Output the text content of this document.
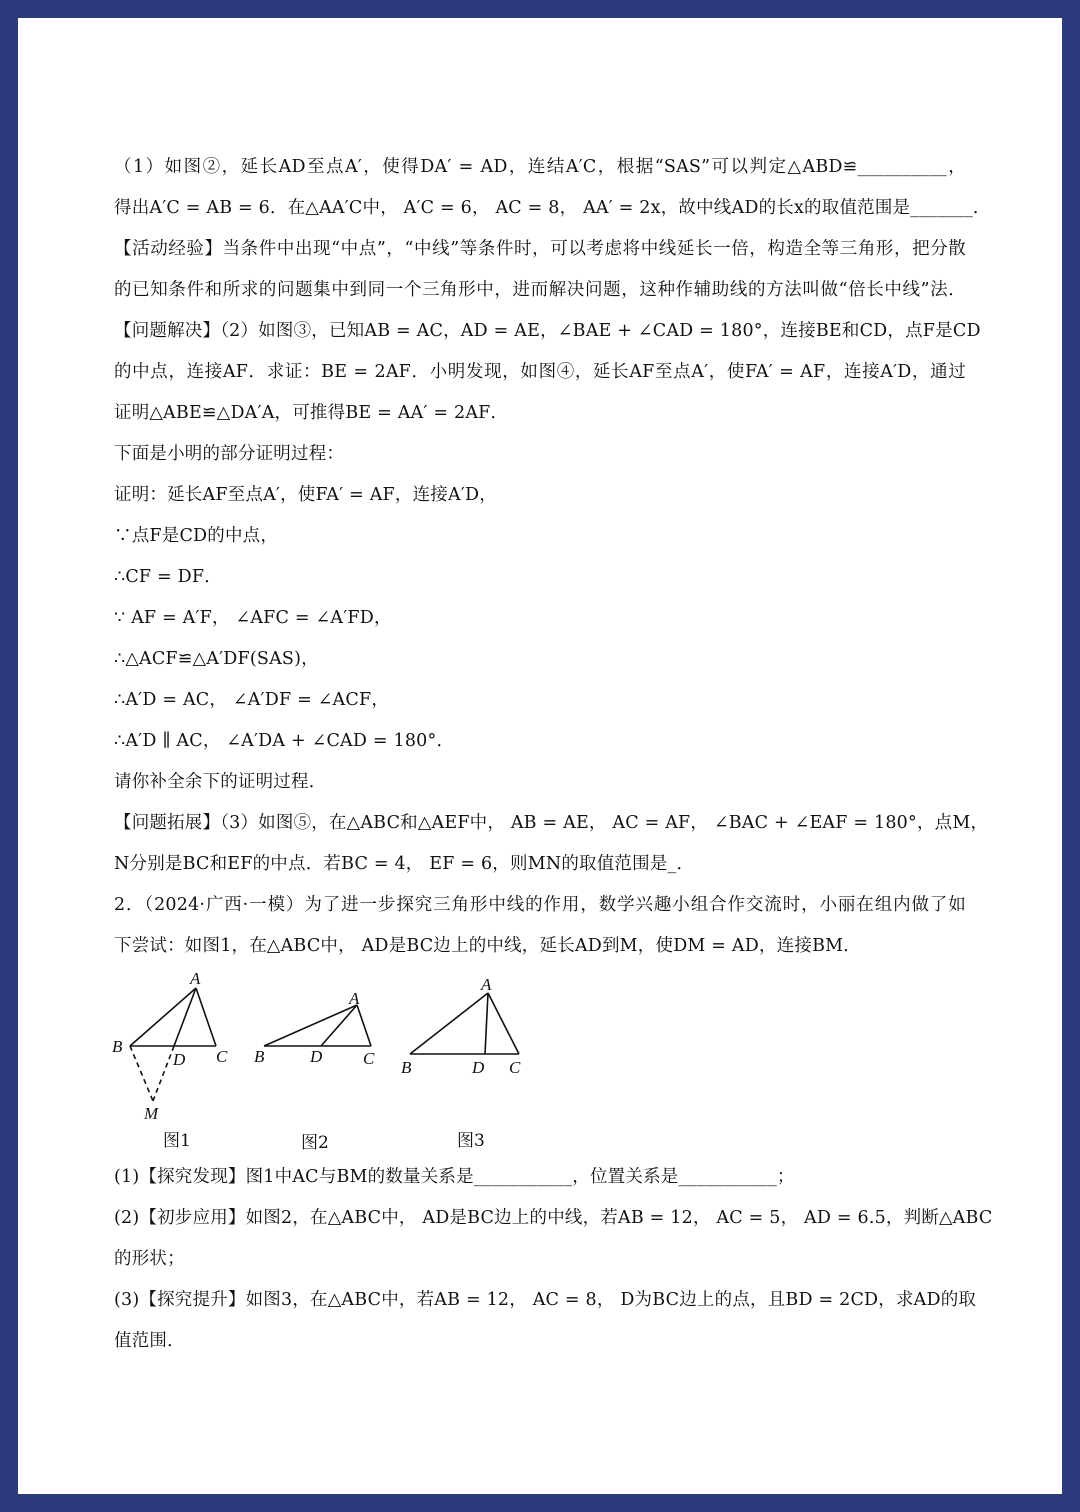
（1）如图②，延长AD至点A′，使得DA′ = AD，连结A′C，根据“SAS”可以判定△ABD≌__________，
得出A′C = AB = 6．在△AA′C中， A′C = 6， AC = 8， AA′ = 2x，故中线AD的长x的取值范围是_______．
【活动经验】当条件中出现“中点”，“中线”等条件时，可以考虑将中线延长一倍，构造全等三角形，把分散
的已知条件和所求的问题集中到同一个三角形中，进而解决问题，这种作辅助线的方法叫做“倍长中线”法．
【问题解决】（2）如图③，已知AB = AC，AD = AE，∠BAE + ∠CAD = 180°，连接BE和CD，点F是CD
的中点，连接AF．求证：BE = 2AF．小明发现，如图④，延长AF至点A′，使FA′ = AF，连接A′D，通过
证明△ABE≌△DA′A，可推得BE = AA′ = 2AF．
下面是小明的部分证明过程：
证明：延长AF至点A′，使FA′ = AF，连接A′D，
∵点F是CD的中点，
∴CF = DF．
∵ AF = A′F， ∠AFC = ∠A′FD，
∴△ACF≌△A′DF(SAS)，
∴A′D = AC， ∠A′DF = ∠ACF，
∴A′D ∥ AC， ∠A′DA + ∠CAD = 180°．
请你补全余下的证明过程．
【问题拓展】（3）如图⑤，在△ABC和△AEF中， AB = AE， AC = AF， ∠BAC + ∠EAF = 180°，点M，
N分别是BC和EF的中点．若BC = 4， EF = 6，则MN的取值范围是_．
2．（2024·广西·一模）为了进一步探究三角形中线的作用，数学兴趣小组合作交流时，小丽在组内做了如
下尝试：如图1，在△ABC中， AD是BC边上的中线，延长AD到M，使DM = AD，连接BM．
A
B
C
D
M
A
B	C
D
A
B	C
D
图1	图2	图3
(1)【探究发现】图1中AC与BM的数量关系是___________，位置关系是___________；
(2)【初步应用】如图2，在△ABC中， AD是BC边上的中线，若AB = 12， AC = 5， AD = 6.5，判断△ABC
的形状；
(3)【探究提升】如图3，在△ABC中，若AB = 12， AC = 8， D为BC边上的点，且BD = 2CD，求AD的取
值范围．
